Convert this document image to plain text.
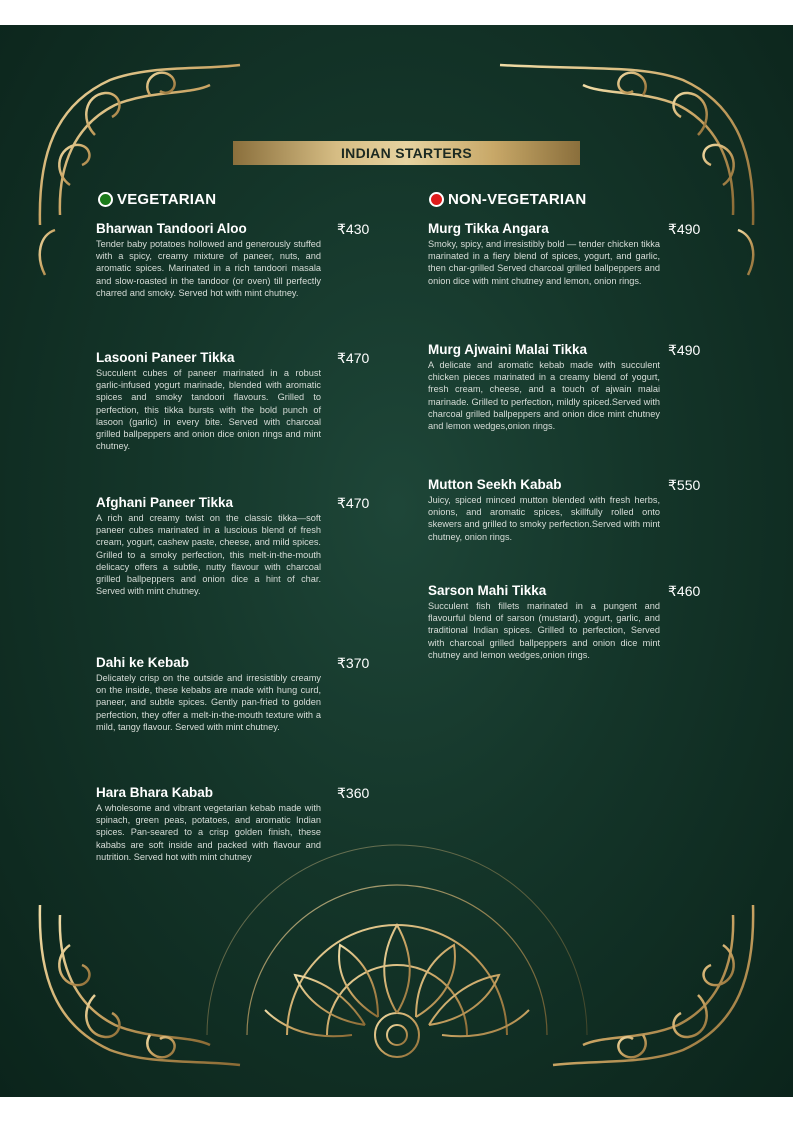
INDIAN STARTERS
VEGETARIAN	NON-VEGETARIAN
Bharwan Tandoori Aloo	₹430
Tender baby potatoes hollowed and generously stuffed with a spicy, creamy mixture of paneer, nuts, and aromatic spices. Marinated in a rich tandoori masala and slow-roasted in the tandoor (or oven) till perfectly charred and smoky. Served hot with mint chutney.
Lasooni Paneer Tikka	₹470
Succulent cubes of paneer marinated in a robust garlic-infused yogurt marinade, blended with aromatic spices and smoky tandoori flavours. Grilled to perfection, this tikka bursts with the bold punch of lasoon (garlic) in every bite. Served with charcoal grilled ballpeppers and onion dice onion rings and mint chutney.
Afghani Paneer Tikka	₹470
A rich and creamy twist on the classic tikka—soft paneer cubes marinated in a luscious blend of fresh cream, yogurt, cashew paste, cheese, and mild spices. Grilled to a smoky perfection, this melt-in-the-mouth delicacy offers a subtle, nutty flavour with charcoal grilled ballpeppers and onion dice a hint of char. Served with mint chutney.
Dahi ke Kebab	₹370
Delicately crisp on the outside and irresistibly creamy on the inside, these kebabs are made with hung curd, paneer, and subtle spices. Gently pan-fried to golden perfection, they offer a melt-in-the-mouth texture with a mild, tangy flavour. Served with mint chutney.
Hara Bhara Kabab	₹360
A wholesome and vibrant vegetarian kebab made with spinach, green peas, potatoes, and aromatic Indian spices. Pan-seared to a crisp golden finish, these kababs are soft inside and packed with flavour and nutrition. Served hot with mint chutney
Murg Tikka Angara	₹490
Smoky, spicy, and irresistibly bold — tender chicken tikka marinated in a fiery blend of spices, yogurt, and garlic, then char-grilled Served charcoal grilled ballpeppers and onion dice with mint chutney and lemon, onion rings.
Murg Ajwaini Malai Tikka	₹490
A delicate and aromatic kebab made with succulent chicken pieces marinated in a creamy blend of yogurt, fresh cream, cheese, and a touch of ajwain malai marinade. Grilled to perfection, mildly spiced.Served with charcoal grilled ballpeppers and onion dice mint chutney and lemon wedges,onion rings.
Mutton Seekh Kabab	₹550
Juicy, spiced minced mutton blended with fresh herbs, onions, and aromatic spices, skillfully rolled onto skewers and grilled to smoky perfection.Served with mint chutney, onion rings.
Sarson Mahi Tikka	₹460
Succulent fish fillets marinated in a pungent and flavourful blend of sarson (mustard), yogurt, garlic, and traditional Indian spices. Grilled to perfection, Served with charcoal grilled ballpeppers and onion dice mint chutney and lemon wedges,onion rings.
